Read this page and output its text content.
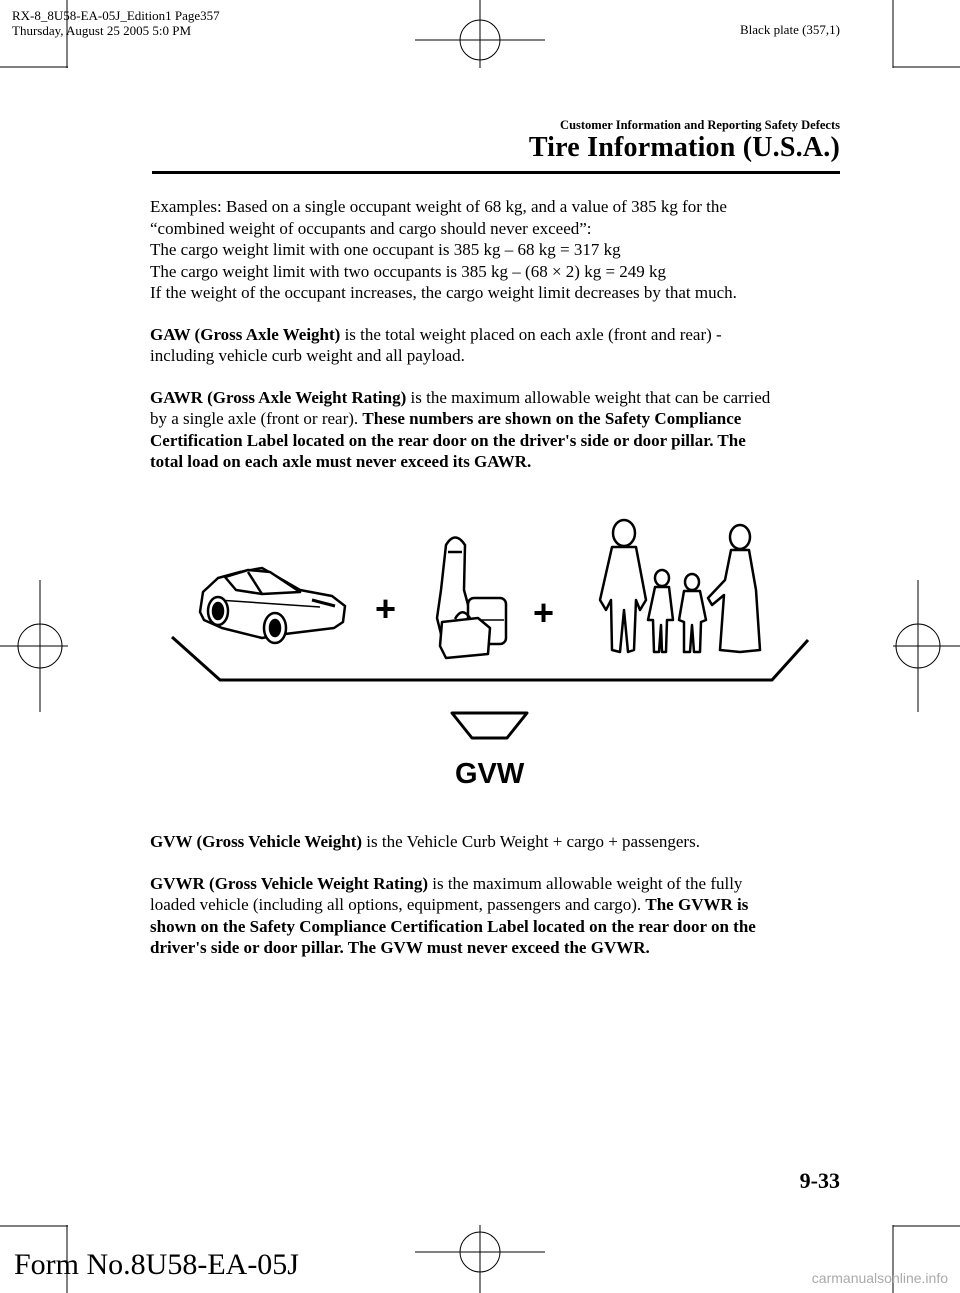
RX-8_8U58-EA-05J_Edition1 Page357
Thursday, August 25 2005 5:0 PM	Black plate (357,1)
Customer Information and Reporting Safety Defects
Tire Information (U.S.A.)

Examples: Based on a single occupant weight of 68 kg, and a value of 385 kg for the
“combined weight of occupants and cargo should never exceed”:
The cargo weight limit with one occupant is 385 kg – 68 kg = 317 kg
The cargo weight limit with two occupants is 385 kg – (68 × 2) kg = 249 kg
If the weight of the occupant increases, the cargo weight limit decreases by that much.

GAW (Gross Axle Weight) is the total weight placed on each axle (front and rear) -
including vehicle curb weight and all payload.

GAWR (Gross Axle Weight Rating) is the maximum allowable weight that can be carried
by a single axle (front or rear). These numbers are shown on the Safety Compliance
Certification Label located on the rear door on the driver's side or door pillar. The
total load on each axle must never exceed its GAWR.

+	+
GVW

GVW (Gross Vehicle Weight) is the Vehicle Curb Weight + cargo + passengers.

GVWR (Gross Vehicle Weight Rating) is the maximum allowable weight of the fully
loaded vehicle (including all options, equipment, passengers and cargo). The GVWR is
shown on the Safety Compliance Certification Label located on the rear door on the
driver's side or door pillar. The GVW must never exceed the GVWR.

9-33
Form No.8U58-EA-05J	carmanualsonline.info
